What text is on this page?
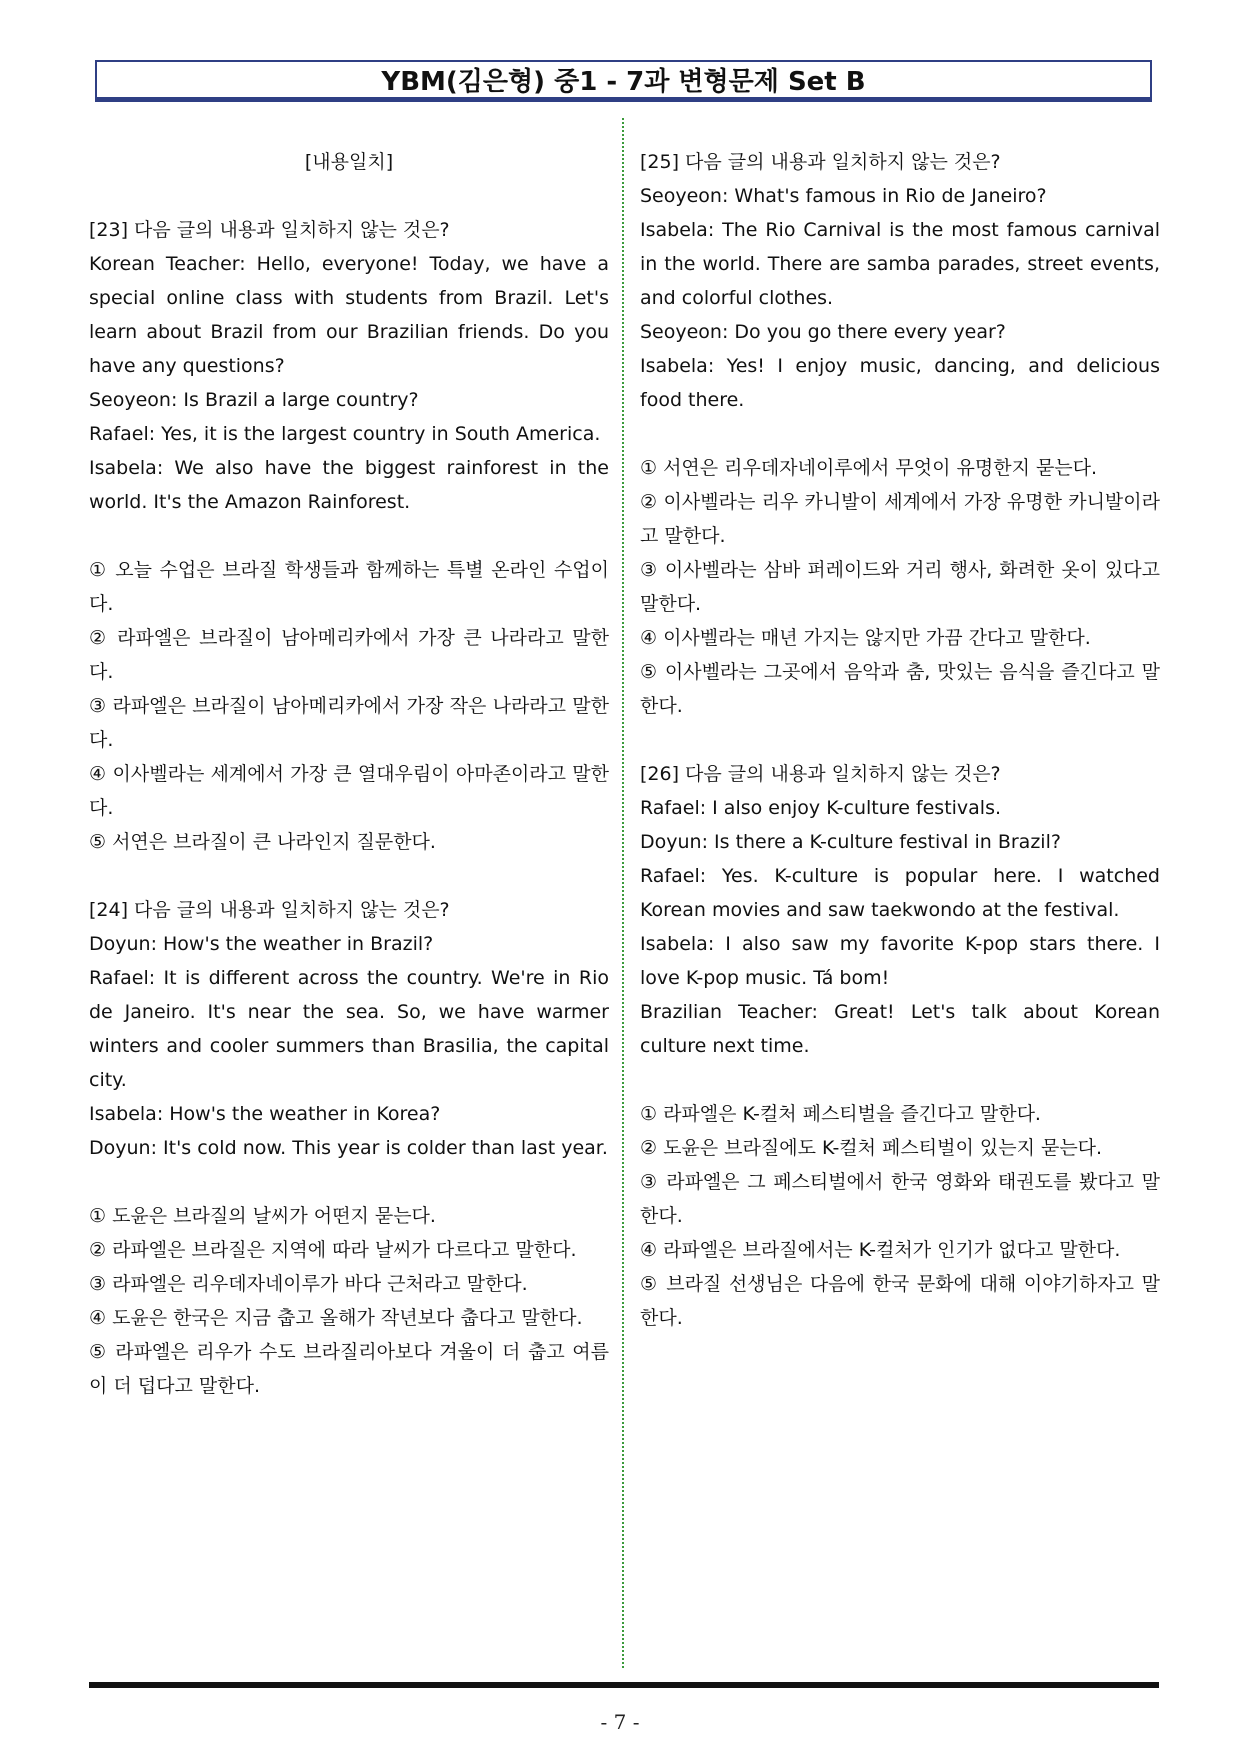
YBM(김은형) 중1 - 7과 변형문제 Set B

[내용일치]

[23] 다음 글의 내용과 일치하지 않는 것은?

Korean Teacher: Hello, everyone! Today, we have a special online class with students from Brazil. Let's learn about Brazil from our Brazilian friends. Do you have any questions?

Seoyeon: Is Brazil a large country?

Rafael: Yes, it is the largest country in South America.

Isabela: We also have the biggest rainforest in the world. It's the Amazon Rainforest.

① 오늘 수업은 브라질 학생들과 함께하는 특별 온라인 수업이다.

② 라파엘은 브라질이 남아메리카에서 가장 큰 나라라고 말한다.

③ 라파엘은 브라질이 남아메리카에서 가장 작은 나라라고 말한다.

④ 이사벨라는 세계에서 가장 큰 열대우림이 아마존이라고 말한다.

⑤ 서연은 브라질이 큰 나라인지 질문한다.

[24] 다음 글의 내용과 일치하지 않는 것은?

Doyun: How's the weather in Brazil?

Rafael: It is different across the country. We're in Rio de Janeiro. It's near the sea. So, we have warmer winters and cooler summers than Brasilia, the capital city.

Isabela: How's the weather in Korea?

Doyun: It's cold now. This year is colder than last year.

① 도윤은 브라질의 날씨가 어떤지 묻는다.

② 라파엘은 브라질은 지역에 따라 날씨가 다르다고 말한다.

③ 라파엘은 리우데자네이루가 바다 근처라고 말한다.

④ 도윤은 한국은 지금 춥고 올해가 작년보다 춥다고 말한다.

⑤ 라파엘은 리우가 수도 브라질리아보다 겨울이 더 춥고 여름이 더 덥다고 말한다.

[25] 다음 글의 내용과 일치하지 않는 것은?

Seoyeon: What's famous in Rio de Janeiro?

Isabela: The Rio Carnival is the most famous carnival in the world. There are samba parades, street events, and colorful clothes.

Seoyeon: Do you go there every year?

Isabela: Yes! I enjoy music, dancing, and delicious food there.

① 서연은 리우데자네이루에서 무엇이 유명한지 묻는다.

② 이사벨라는 리우 카니발이 세계에서 가장 유명한 카니발이라고 말한다.

③ 이사벨라는 삼바 퍼레이드와 거리 행사, 화려한 옷이 있다고 말한다.

④ 이사벨라는 매년 가지는 않지만 가끔 간다고 말한다.

⑤ 이사벨라는 그곳에서 음악과 춤, 맛있는 음식을 즐긴다고 말한다.

[26] 다음 글의 내용과 일치하지 않는 것은?

Rafael: I also enjoy K-culture festivals.

Doyun: Is there a K-culture festival in Brazil?

Rafael: Yes. K-culture is popular here. I watched Korean movies and saw taekwondo at the festival.

Isabela: I also saw my favorite K-pop stars there. I love K-pop music. Tá bom!

Brazilian Teacher: Great! Let's talk about Korean culture next time.

① 라파엘은 K-컬처 페스티벌을 즐긴다고 말한다.

② 도윤은 브라질에도 K-컬처 페스티벌이 있는지 묻는다.

③ 라파엘은 그 페스티벌에서 한국 영화와 태권도를 봤다고 말한다.

④ 라파엘은 브라질에서는 K-컬처가 인기가 없다고 말한다.

⑤ 브라질 선생님은 다음에 한국 문화에 대해 이야기하자고 말한다.

- 7 -
